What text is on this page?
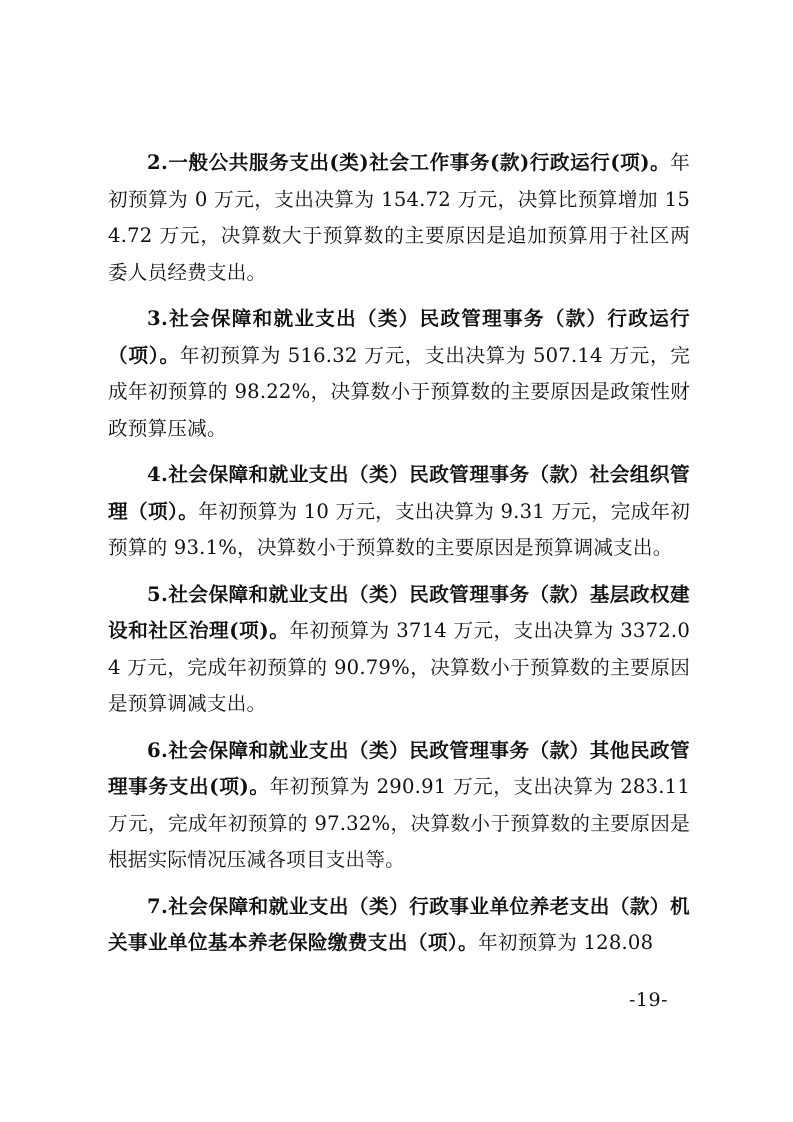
2.一般公共服务支出(类)社会工作事务(款)行政运行(项)。年初预算为 0 万元，支出决算为 154.72 万元，决算比预算增加 154.72 万元，决算数大于预算数的主要原因是追加预算用于社区两委人员经费支出。

3.社会保障和就业支出（类）民政管理事务（款）行政运行（项）。年初预算为 516.32 万元，支出决算为 507.14 万元，完成年初预算的 98.22%，决算数小于预算数的主要原因是政策性财政预算压减。

4.社会保障和就业支出（类）民政管理事务（款）社会组织管理（项）。年初预算为 10 万元，支出决算为 9.31 万元，完成年初预算的 93.1%，决算数小于预算数的主要原因是预算调减支出。

5.社会保障和就业支出（类）民政管理事务（款）基层政权建设和社区治理(项)。年初预算为 3714 万元，支出决算为 3372.04 万元，完成年初预算的 90.79%，决算数小于预算数的主要原因是预算调减支出。

6.社会保障和就业支出（类）民政管理事务（款）其他民政管理事务支出(项)。年初预算为 290.91 万元，支出决算为 283.11 万元，完成年初预算的 97.32%，决算数小于预算数的主要原因是根据实际情况压减各项目支出等。

7.社会保障和就业支出（类）行政事业单位养老支出（款）机关事业单位基本养老保险缴费支出（项）。年初预算为 128.08

-19-
